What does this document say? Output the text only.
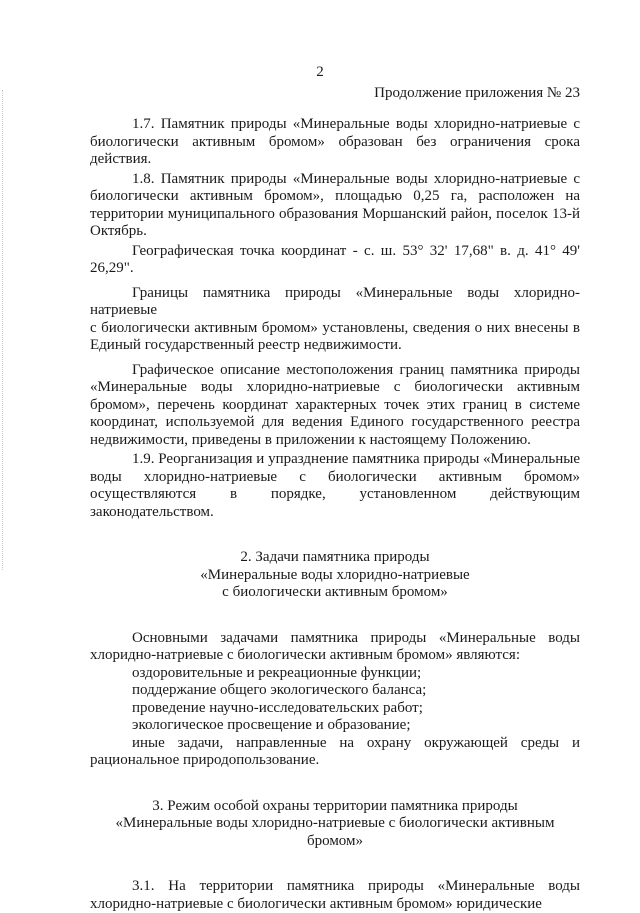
2
Продолжение приложения № 23

1.7. Памятник природы «Минеральные воды хлоридно-натриевые с биологически активным бромом» образован без ограничения срока действия.

1.8. Памятник природы «Минеральные воды хлоридно-натриевые с биологически активным бромом», площадью 0,25 га, расположен на территории муниципального образования Моршанский район, поселок 13-й Октябрь.

Географическая точка координат - с. ш. 53° 32' 17,68" в. д. 41° 49' 26,29".

Границы памятника природы «Минеральные воды хлоридно-

натриевые

с биологически активным бромом» установлены, сведения о них внесены в Единый государственный реестр недвижимости.

Графическое описание местоположения границ памятника природы «Минеральные воды хлоридно-натриевые с биологически активным бромом», перечень координат характерных точек этих границ в системе координат, используемой для ведения Единого государственного реестра недвижимости, приведены в приложении к настоящему Положению.

1.9. Реорганизация и упразднение памятника природы «Минеральные воды хлоридно-натриевые с биологически активным бромом» осуществляются в порядке, установленном действующим законодательством.

2. Задачи памятника природы

«Минеральные воды хлоридно-натриевые

с биологически активным бромом»

Основными задачами памятника природы «Минеральные воды хлоридно-натриевые с биологически активным бромом» являются:

оздоровительные и рекреационные функции;

поддержание общего экологического баланса;

проведение научно-исследовательских работ;

экологическое просвещение и образование;

иные задачи, направленные на охрану окружающей среды и рациональное природопользование.

3. Режим особой охраны территории памятника природы

«Минеральные воды хлоридно-натриевые с биологически активным

бромом»

3.1. На территории памятника природы «Минеральные воды хлоридно-натриевые с биологически активным бромом» юридические
